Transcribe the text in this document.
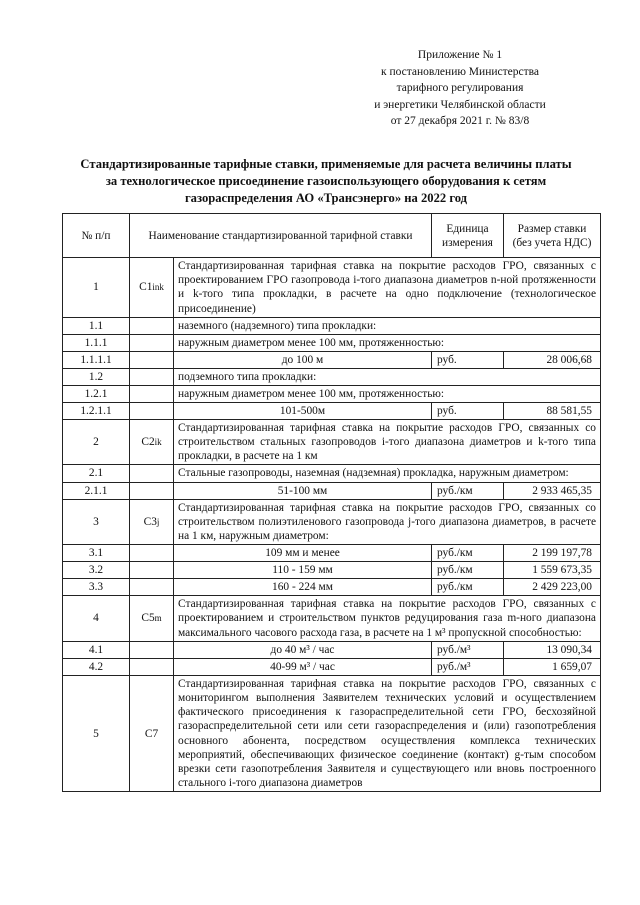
Приложение № 1
к постановлению Министерства
тарифного регулирования
и энергетики Челябинской области
от 27 декабря 2021 г. № 83/8
Стандартизированные тарифные ставки, применяемые для расчета величины платы
за технологическое присоединение газоиспользующего оборудования к сетям
газораспределения АО «Трансэнерго» на 2022 год
№ п/п	Наименование стандартизированной тарифной ставки		Единица измерения	Размер ставки (без учета НДС)
1	C1ink	Стандартизированная тарифная ставка на покрытие расходов ГРО, связанных с проектированием ГРО газопровода i-того диапазона диаметров n-ной протяженности и k-того типа прокладки, в расчете на одно подключение (технологическое присоединение)		
1.1		наземного (надземного) типа прокладки:		
1.1.1		наружным диаметром менее 100 мм, протяженностью:		
1.1.1.1		до 100 м	руб.	28 006,68
1.2		подземного типа прокладки:		
1.2.1		наружным диаметром менее 100 мм, протяженностью:		
1.2.1.1		101-500м	руб.	88 581,55
2	C2ik	Стандартизированная тарифная ставка на покрытие расходов ГРО, связанных со строительством стальных газопроводов i-того диапазона диаметров и k-того типа прокладки, в расчете на 1 км		
2.1		Стальные газопроводы, наземная (надземная) прокладка, наружным диаметром:		
2.1.1		51-100 мм	руб./км	2 933 465,35
3	C3j	Стандартизированная тарифная ставка на покрытие расходов ГРО, связанных со строительством полиэтиленового газопровода j-того диапазона диаметров, в расчете на 1 км, наружным диаметром:		
3.1		109 мм и менее	руб./км	2 199 197,78
3.2		110 - 159 мм	руб./км	1 559 673,35
3.3		160 - 224 мм	руб./км	2 429 223,00
4	C5m	Стандартизированная тарифная ставка на покрытие расходов ГРО, связанных с проектированием и строительством пунктов редуцирования газа m-ного диапазона максимального часового расхода газа, в расчете на 1 м³ пропускной способностью:		
4.1		до 40 м³ / час	руб./м³	13 090,34
4.2		40-99 м³ / час	руб./м³	1 659,07
5	C7	Стандартизированная тарифная ставка на покрытие расходов ГРО, связанных с мониторингом выполнения Заявителем технических условий и осуществлением фактического присоединения к газораспределительной сети ГРО, бесхозяйной газораспределительной сети или сети газораспределения и (или) газопотребления основного абонента, посредством осуществления комплекса технических мероприятий, обеспечивающих физическое соединение (контакт) g-тым способом врезки сети газопотребления Заявителя и существующего или вновь построенного стального i-того диапазона диаметров		
